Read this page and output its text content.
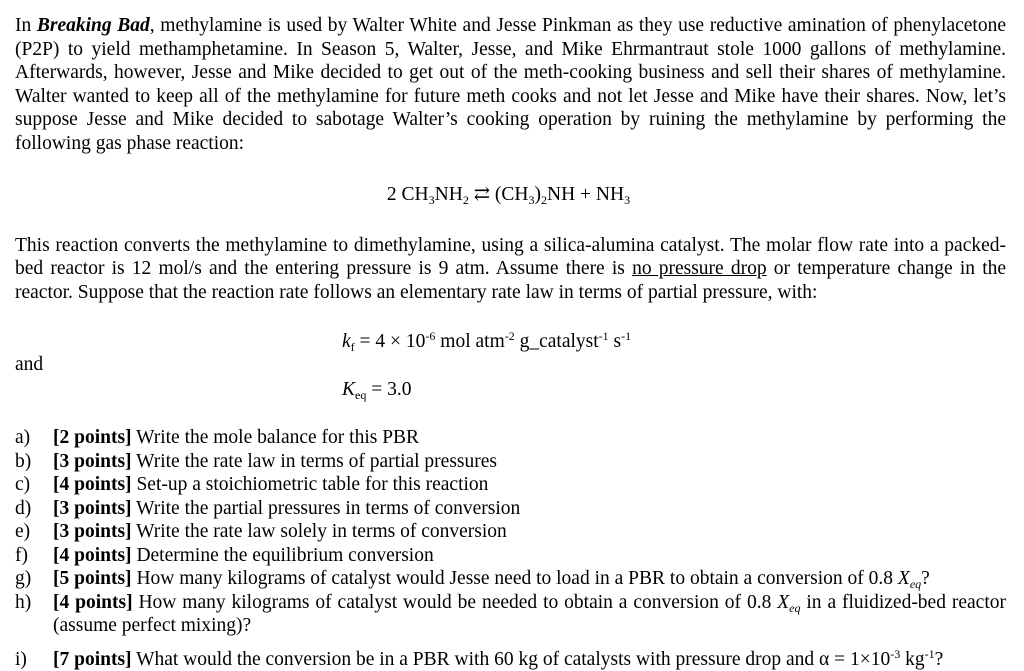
In Breaking Bad, methylamine is used by Walter White and Jesse Pinkman as they use reductive amination of phenylacetone (P2P) to yield methamphetamine. In Season 5, Walter, Jesse, and Mike Ehrmantraut stole 1000 gallons of methylamine. Afterwards, however, Jesse and Mike decided to get out of the meth-cooking business and sell their shares of methylamine. Walter wanted to keep all of the methylamine for future meth cooks and not let Jesse and Mike have their shares. Now, let’s suppose Jesse and Mike decided to sabotage Walter’s cooking operation by ruining the methylamine by performing the following gas phase reaction:

2 $CH_3NH_2$ ⇄ $(CH_3)_2NH + NH_3$

This reaction converts the methylamine to dimethylamine, using a silica-alumina catalyst. The molar flow rate into a packed-bed reactor is 12 mol/s and the entering pressure is 9 atm. Assume there is no pressure drop or temperature change in the reactor. Suppose that the reaction rate follows an elementary rate law in terms of partial pressure, with:

$k_f = 4 \times 10^{-6}$ mol atm$^{-2}$ g_catalyst$^{-1}$ $s^{-1}$
and
$K_{eq} = 3.0$
a)	[2 points] Write the mole balance for this PBR
b)	[3 points] Write the rate law in terms of partial pressures
c)	[4 points] Set-up a stoichiometric table for this reaction
d)	[3 points] Write the partial pressures in terms of conversion
e)	[3 points] Write the rate law solely in terms of conversion
f)	[4 points] Determine the equilibrium conversion
g)	[5 points] How many kilograms of catalyst would Jesse need to load in a PBR to obtain a conversion of 0.8 $X_{eq}$?
h)	[4 points] How many kilograms of catalyst would be needed to obtain a conversion of 0.8 $X_{eq}$ in a fluidized-bed reactor (assume perfect mixing)?
i)	[7 points] What would the conversion be in a PBR with 60 kg of catalysts with pressure drop and $\alpha = 1\times 10^{-3}$ $kg^{-1}$?
